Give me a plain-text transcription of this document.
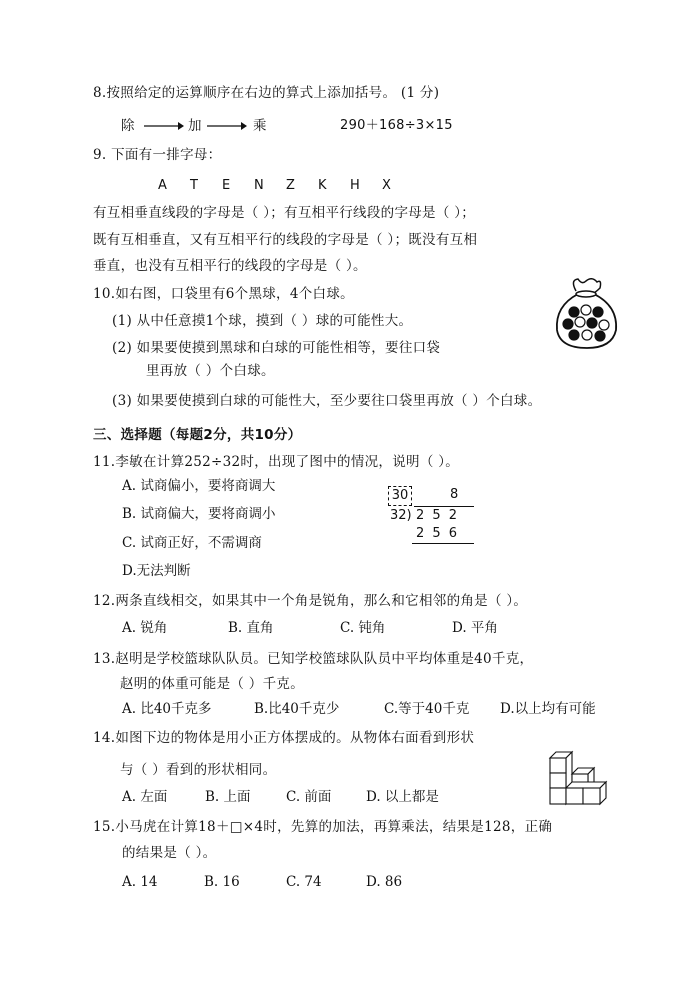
8.按照给定的运算顺序在右边的算式上添加括号。 (1 分)
除	加	乘	290＋168÷3×15
9. 下面有一排字母：
A T E N Z K H X
有互相垂直线段的字母是（ ）；有互相平行线段的字母是（ ）；
既有互相垂直，又有互相平行的线段的字母是（ ）；既没有互相
垂直，也没有互相平行的线段的字母是（ ）。
10.如右图，口袋里有6个黑球，4个白球。
(1) 从中任意摸1个球，摸到（ ）球的可能性大。
(2) 如果要使摸到黑球和白球的可能性相等，要往口袋
里再放（ ）个白球。
(3) 如果要使摸到白球的可能性大，至少要往口袋里再放（ ）个白球。
三、选择题（每题2分，共10分）
11.李敏在计算252÷32时，出现了图中的情况，说明（ ）。
A. 试商偏小，要将商调大
B. 试商偏大，要将商调小
C. 试商正好，不需调商
D.无法判断
30	8
32) 2 5 2
2 5 6
12.两条直线相交，如果其中一个角是锐角，那么和它相邻的角是（ ）。
A. 锐角	B. 直角	C. 钝角	D. 平角
13.赵明是学校篮球队队员。已知学校篮球队队员中平均体重是40千克，
赵明的体重可能是（ ）千克。
A. 比40千克多	B.比40千克少	C.等于40千克 D.以上均有可能
14.如图下边的物体是用小正方体摆成的。从物体右面看到形状
与（ ）看到的形状相同。
A. 左面	B. 上面	C. 前面	D. 以上都是
15.小马虎在计算18＋□×4时，先算的加法，再算乘法，结果是128，正确
的结果是（ ）。
A. 14	B. 16	C. 74	D. 86
